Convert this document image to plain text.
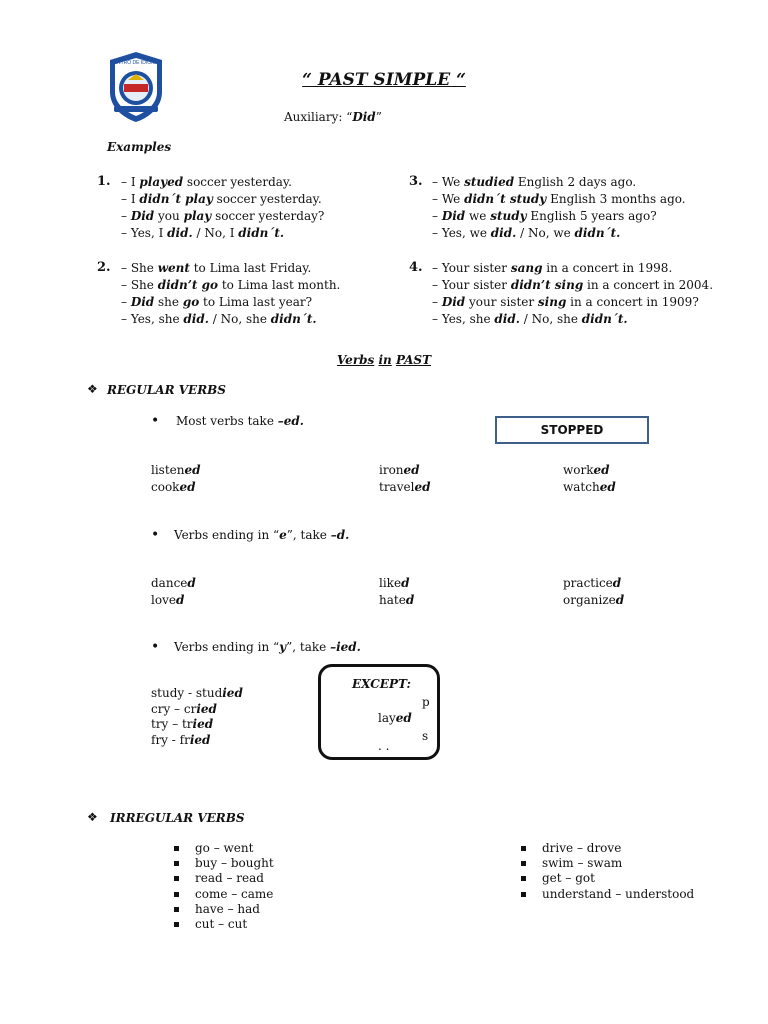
CENTRO DE IDIOMAS
“ PAST SIMPLE “
Auxiliary: “Did”
Examples
1. – I played soccer yesterday.
– I didn´t play soccer yesterday.
– Did you play soccer yesterday?
– Yes, I did. / No, I didn´t.
2. – She went to Lima last Friday.
– She didn’t go to Lima last month.
– Did she go to Lima last year?
– Yes, she did. / No, she didn´t.
3. – We studied English 2 days ago.
– We didn´t study English 3 months ago.
– Did we study English 5 years ago?
– Yes, we did. / No, we didn´t.
4. – Your sister sang in a concert in 1998.
– Your sister didn’t sing in a concert in 2004.
– Did your sister sing in a concert in 1909?
– Yes, she did. / No, she didn´t.
Verbs in PAST
❖ REGULAR VERBS
• Most verbs take –ed.
STOPPED
listened
cooked
ironed
traveled
worked
watched
• Verbs ending in “e”, take –d.
danced
loved
liked
hated
practiced
organized
• Verbs ending in “y”, take –ied.
study - studied
cry – cried
try – tried
fry - fried
EXCEPT:
p
layed
s
. .
❖ IRREGULAR VERBS
go – went
buy – bought
read – read
come – came
have – had
cut – cut
drive – drove
swim – swam
get – got
understand – understood
